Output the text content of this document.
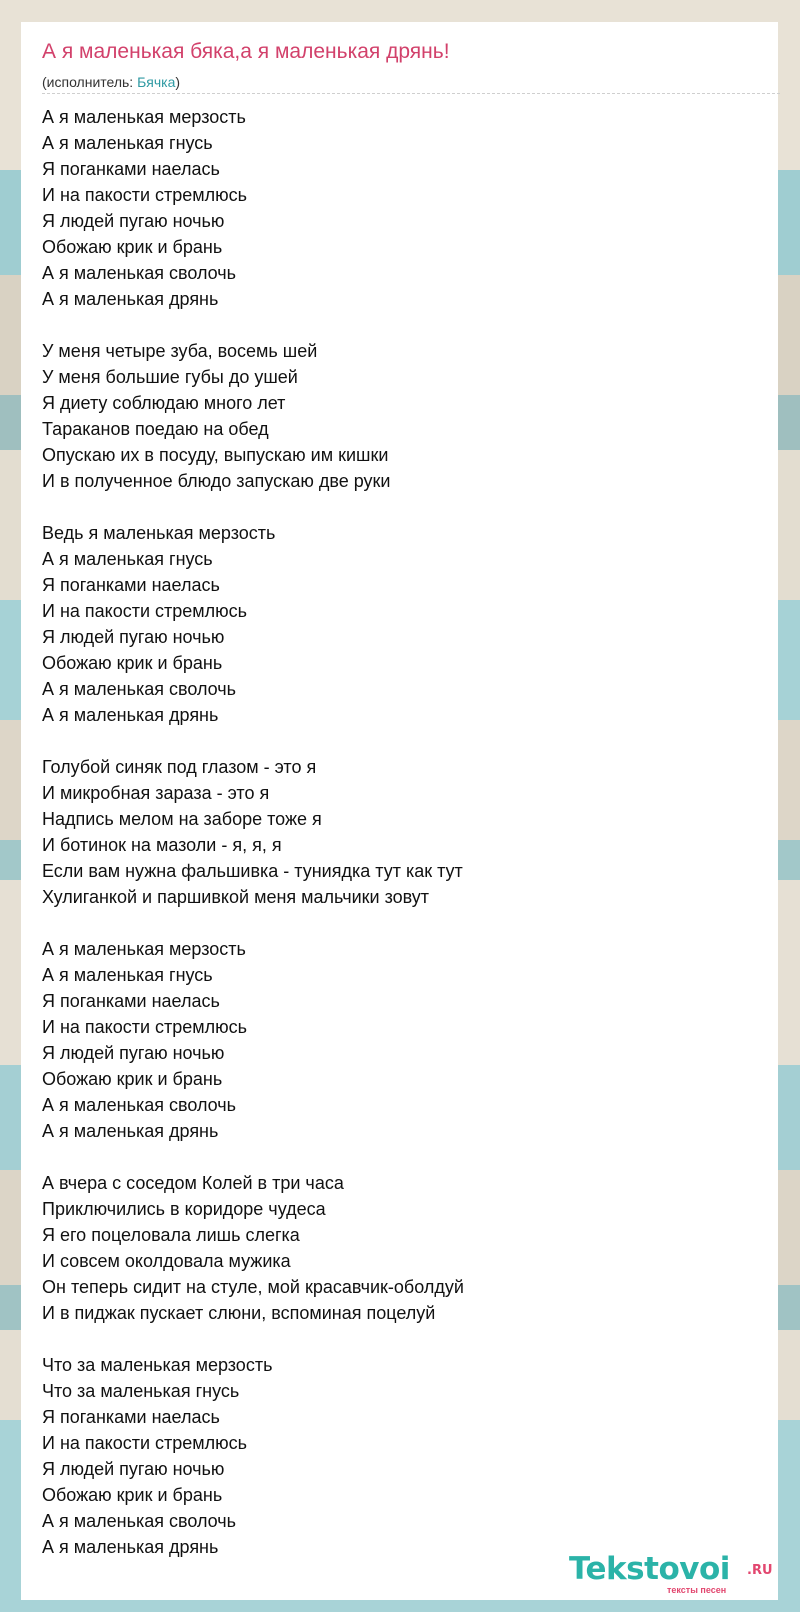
А я маленькая бяка,а я маленькая дрянь!
(исполнитель: Бячка)
А я маленькая мерзость
А я маленькая гнусь
Я поганками наелась
И на пакости стремлюсь
Я людей пугаю ночью
Обожаю крик и брань
А я маленькая сволочь
А я маленькая дрянь
У меня четыре зуба, восемь шей
У меня большие губы до ушей
Я диету соблюдаю много лет
Тараканов поедаю на обед
Опускаю их в посуду, выпускаю им кишки
И в полученное блюдо запускаю две руки
Ведь я маленькая мерзость
А я маленькая гнусь
Я поганками наелась
И на пакости стремлюсь
Я людей пугаю ночью
Обожаю крик и брань
А я маленькая сволочь
А я маленькая дрянь
Голубой синяк под глазом - это я
И микробная зараза - это я
Надпись мелом на заборе тоже я
И ботинок на мазоли - я, я, я
Если вам нужна фальшивка - туниядка тут как тут
Хулиганкой и паршивкой меня мальчики зовут
А я маленькая мерзость
А я маленькая гнусь
Я поганками наелась
И на пакости стремлюсь
Я людей пугаю ночью
Обожаю крик и брань
А я маленькая сволочь
А я маленькая дрянь
А вчера с соседом Колей в три часа
Приключились в коридоре чудеса
Я его поцеловала лишь слегка
И совсем околдовала мужика
Он теперь сидит на стуле, мой красавчик-оболдуй
И в пиджак пускает слюни, вспоминая поцелуй
Что за маленькая мерзость
Что за маленькая гнусь
Я поганками наелась
И на пакости стремлюсь
Я людей пугаю ночью
Обожаю крик и брань
А я маленькая сволочь
А я маленькая дрянь
Tekstovoi .RU
тексты песен
